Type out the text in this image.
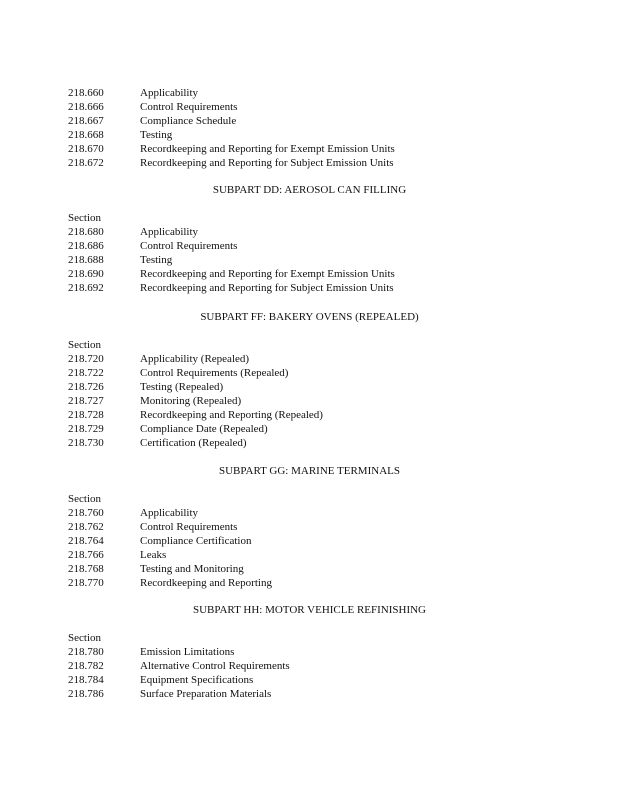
218.660	Applicability
218.666	Control Requirements
218.667	Compliance Schedule
218.668	Testing
218.670	Recordkeeping and Reporting for Exempt Emission Units
218.672	Recordkeeping and Reporting for Subject Emission Units
SUBPART DD: AEROSOL CAN FILLING
Section
218.680	Applicability
218.686	Control Requirements
218.688	Testing
218.690	Recordkeeping and Reporting for Exempt Emission Units
218.692	Recordkeeping and Reporting for Subject Emission Units
SUBPART FF: BAKERY OVENS (REPEALED)
Section
218.720	Applicability (Repealed)
218.722	Control Requirements (Repealed)
218.726	Testing (Repealed)
218.727	Monitoring (Repealed)
218.728	Recordkeeping and Reporting (Repealed)
218.729	Compliance Date (Repealed)
218.730	Certification (Repealed)
SUBPART GG: MARINE TERMINALS
Section
218.760	Applicability
218.762	Control Requirements
218.764	Compliance Certification
218.766	Leaks
218.768	Testing and Monitoring
218.770	Recordkeeping and Reporting
SUBPART HH: MOTOR VEHICLE REFINISHING
Section
218.780	Emission Limitations
218.782	Alternative Control Requirements
218.784	Equipment Specifications
218.786	Surface Preparation Materials
